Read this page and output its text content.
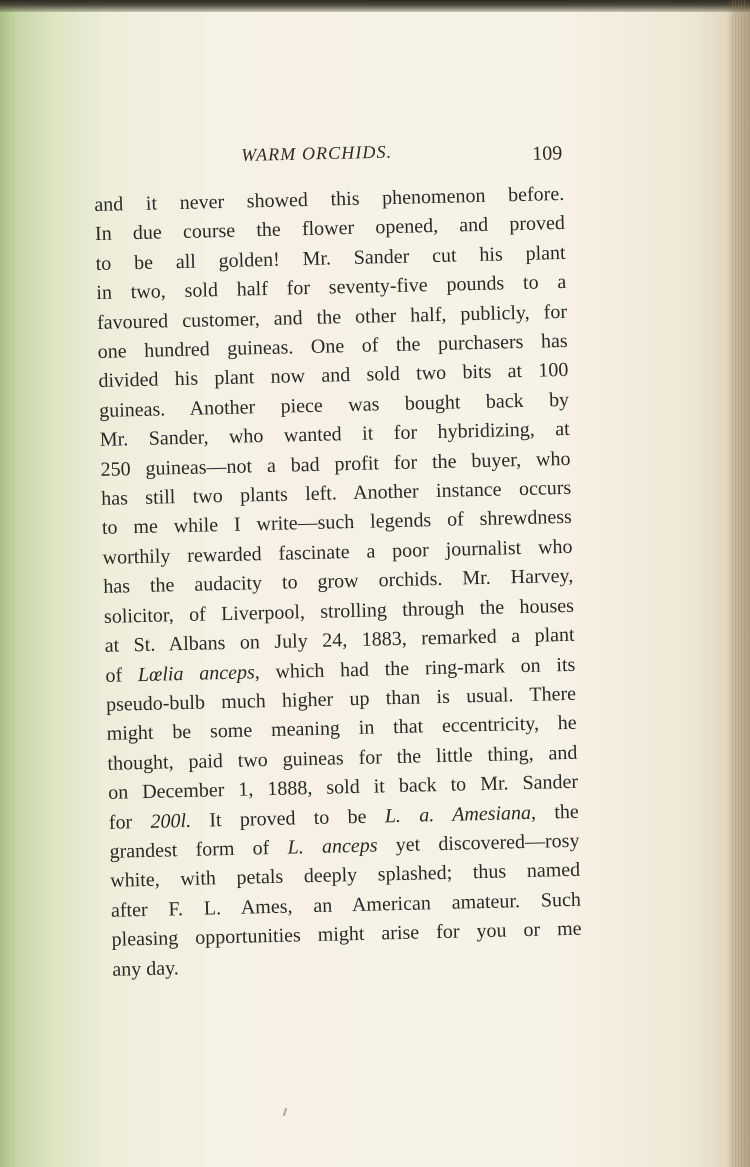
WARM ORCHIDS.	109
and it never showed this phenomenon before.
In due course the flower opened, and proved
to be all golden! Mr. Sander cut his plant
in two, sold half for seventy-five pounds to a
favoured customer, and the other half, publicly, for
one hundred guineas. One of the purchasers has
divided his plant now and sold two bits at 100
guineas. Another piece was bought back by
Mr. Sander, who wanted it for hybridizing, at
250 guineas—not a bad profit for the buyer, who
has still two plants left. Another instance occurs
to me while I write—such legends of shrewdness
worthily rewarded fascinate a poor journalist who
has the audacity to grow orchids. Mr. Harvey,
solicitor, of Liverpool, strolling through the houses
at St. Albans on July 24, 1883, remarked a plant
of Lœlia anceps, which had the ring-mark on its
pseudo-bulb much higher up than is usual. There
might be some meaning in that eccentricity, he
thought, paid two guineas for the little thing, and
on December 1, 1888, sold it back to Mr. Sander
for 200l. It proved to be L. a. Amesiana, the
grandest form of L. anceps yet discovered—rosy
white, with petals deeply splashed; thus named
after F. L. Ames, an American amateur. Such
pleasing opportunities might arise for you or me
any day.
